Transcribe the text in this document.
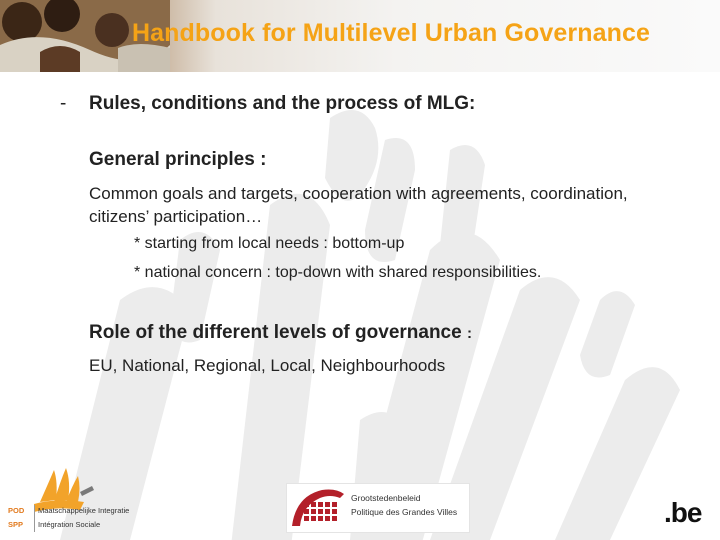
Handbook for Multilevel Urban Governance
- Rules, conditions and the process of MLG:
General principles :
Common goals and targets, cooperation with agreements, coordination, citizens’ participation…
* starting from local needs : bottom-up
* national concern : top-down with shared responsibilities.
Role of the different levels of governance :
EU, National, Regional, Local, Neighbourhoods
POD
SPP
Maatschappelijke Integratie
Intégration Sociale
Grootstedenbeleid
Politique des Grandes Villes	.be
